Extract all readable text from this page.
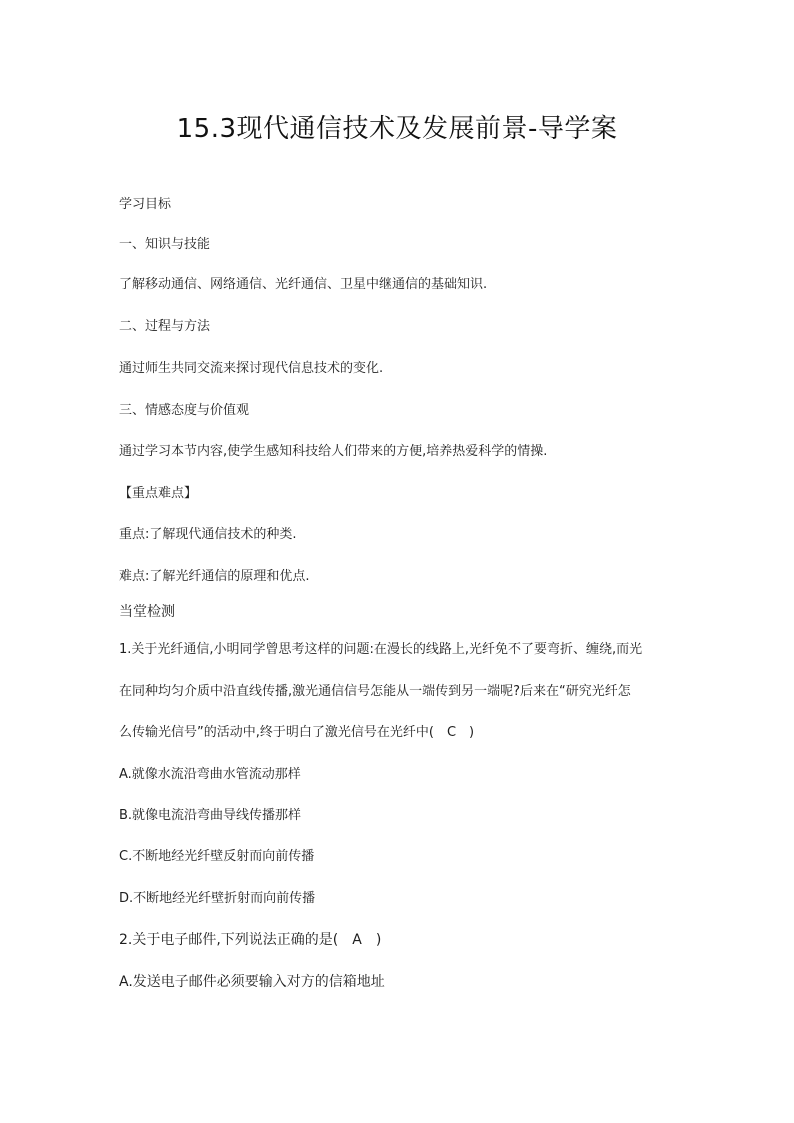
15.3现代通信技术及发展前景-导学案
学习目标
一、知识与技能
了解移动通信、网络通信、光纤通信、卫星中继通信的基础知识.
二、过程与方法
通过师生共同交流来探讨现代信息技术的变化.
三、情感态度与价值观
通过学习本节内容,使学生感知科技给人们带来的方便,培养热爱科学的情操.
【重点难点】
重点:了解现代通信技术的种类.
难点:了解光纤通信的原理和优点.
当堂检测
1.关于光纤通信,小明同学曾思考这样的问题:在漫长的线路上,光纤免不了要弯折、缠绕,而光
在同种均匀介质中沿直线传播,激光通信信号怎能从一端传到另一端呢?后来在“研究光纤怎
么传输光信号”的活动中,终于明白了激光信号在光纤中(　C　)
A.就像水流沿弯曲水管流动那样
B.就像电流沿弯曲导线传播那样
C.不断地经光纤壁反射而向前传播
D.不断地经光纤壁折射而向前传播
2.关于电子邮件,下列说法正确的是(　A　)
A.发送电子邮件必须要输入对方的信箱地址
